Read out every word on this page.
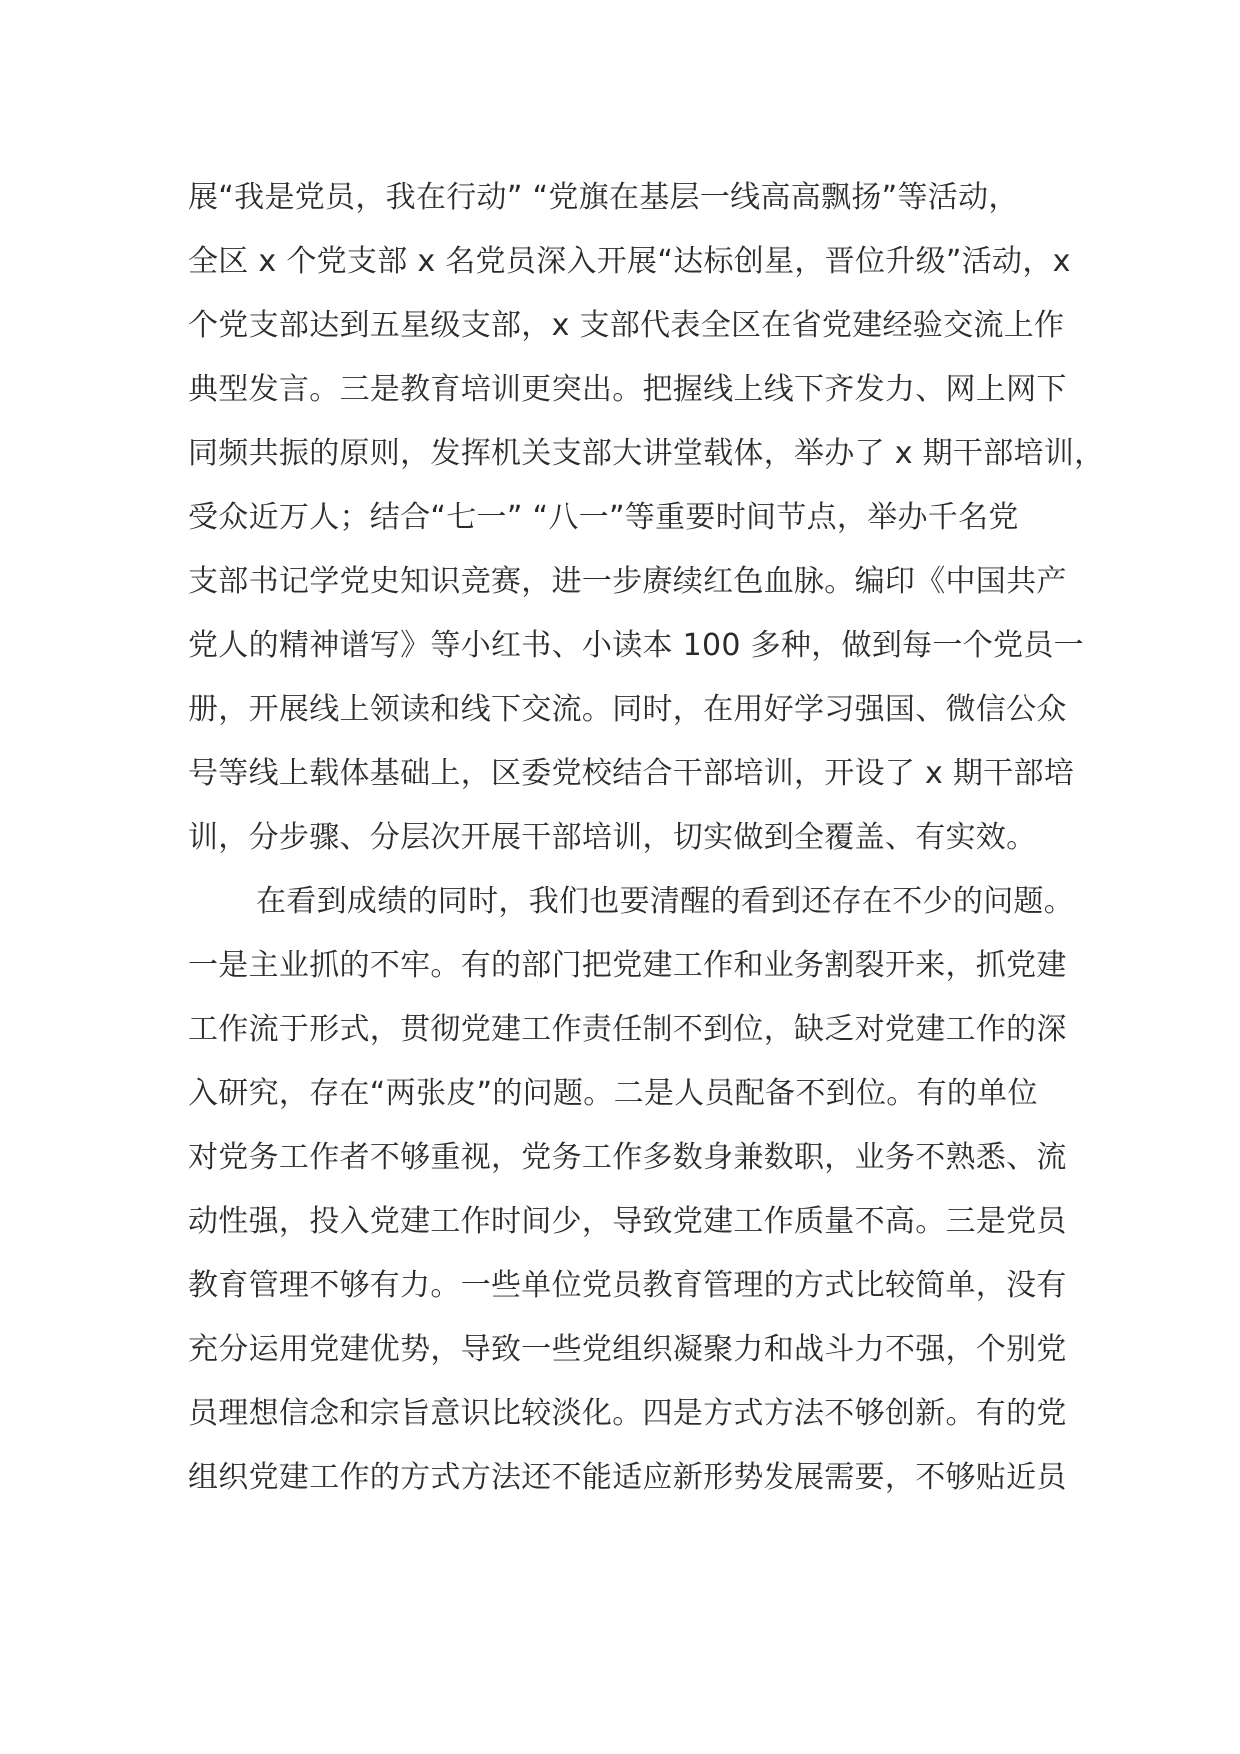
展“我是党员，我在行动” “党旗在基层一线高高飘扬”等活动，
全区 x 个党支部 x 名党员深入开展“达标创星，晋位升级”活动，x
个党支部达到五星级支部，x 支部代表全区在省党建经验交流上作
典型发言。三是教育培训更突出。把握线上线下齐发力、网上网下
同频共振的原则，发挥机关支部大讲堂载体，举办了 x 期干部培训，
受众近万人；结合“七一” “八一”等重要时间节点，举办千名党
支部书记学党史知识竞赛，进一步赓续红色血脉。编印《中国共产
党人的精神谱写》等小红书、小读本 100 多种，做到每一个党员一
册，开展线上领读和线下交流。同时，在用好学习强国、微信公众
号等线上载体基础上，区委党校结合干部培训，开设了 x 期干部培
训，分步骤、分层次开展干部培训，切实做到全覆盖、有实效。
在看到成绩的同时，我们也要清醒的看到还存在不少的问题。
一是主业抓的不牢。有的部门把党建工作和业务割裂开来，抓党建
工作流于形式，贯彻党建工作责任制不到位，缺乏对党建工作的深
入研究，存在“两张皮”的问题。二是人员配备不到位。有的单位
对党务工作者不够重视，党务工作多数身兼数职，业务不熟悉、流
动性强，投入党建工作时间少，导致党建工作质量不高。三是党员
教育管理不够有力。一些单位党员教育管理的方式比较简单，没有
充分运用党建优势，导致一些党组织凝聚力和战斗力不强，个别党
员理想信念和宗旨意识比较淡化。四是方式方法不够创新。有的党
组织党建工作的方式方法还不能适应新形势发展需要，不够贴近员
